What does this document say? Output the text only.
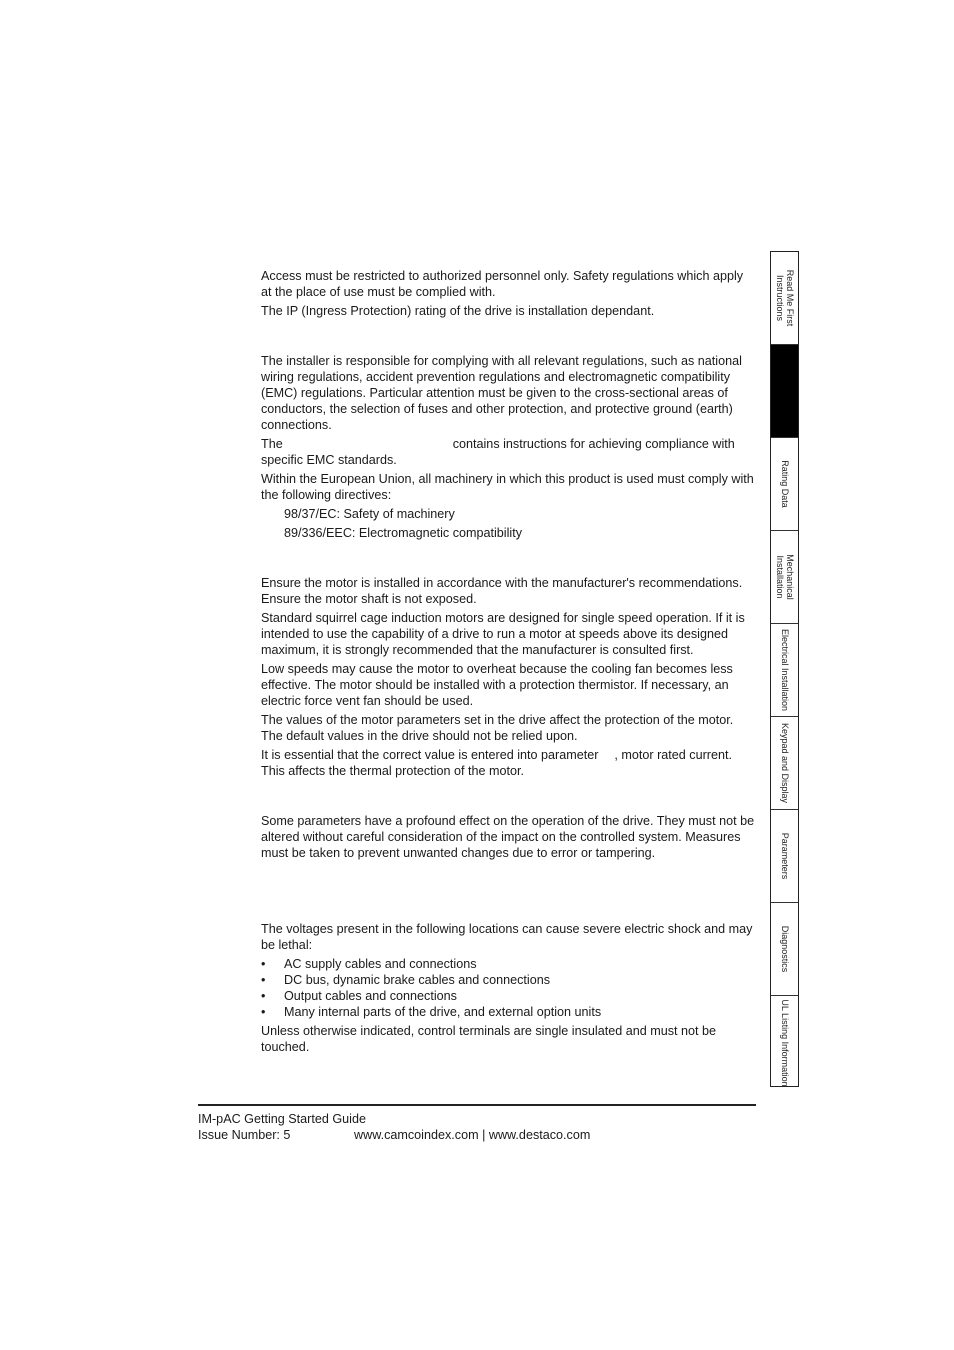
Access must be restricted to authorized personnel only. Safety regulations which apply at the place of use must be complied with.

The IP (Ingress Protection) rating of the drive is installation dependant.

The installer is responsible for complying with all relevant regulations, such as national wiring regulations, accident prevention regulations and electromagnetic compatibility (EMC) regulations. Particular attention must be given to the cross-sectional areas of conductors, the selection of fuses and other protection, and protective ground (earth) connections.

The	contains instructions for achieving compliance with specific EMC standards.

Within the European Union, all machinery in which this product is used must comply with the following directives:

98/37/EC: Safety of machinery

89/336/EEC: Electromagnetic compatibility

Ensure the motor is installed in accordance with the manufacturer's recommendations. Ensure the motor shaft is not exposed.

Standard squirrel cage induction motors are designed for single speed operation. If it is intended to use the capability of a drive to run a motor at speeds above its designed maximum, it is strongly recommended that the manufacturer is consulted first.

Low speeds may cause the motor to overheat because the cooling fan becomes less effective. The motor should be installed with a protection thermistor. If necessary, an electric force vent fan should be used.

The values of the motor parameters set in the drive affect the protection of the motor. The default values in the drive should not be relied upon.

It is essential that the correct value is entered into parameter , motor rated current. This affects the thermal protection of the motor.

Some parameters have a profound effect on the operation of the drive. They must not be altered without careful consideration of the impact on the controlled system. Measures must be taken to prevent unwanted changes due to error or tampering.

The voltages present in the following locations can cause severe electric shock and may be lethal:

• AC supply cables and connections
• DC bus, dynamic brake cables and connections
• Output cables and connections
• Many internal parts of the drive, and external option units

Unless otherwise indicated, control terminals are single insulated and must not be touched.

Read Me First Instructions
Rating Data
Mechanical Installation
Electrical Installation
Keypad and Display
Parameters
Diagnostics
UL Listing Information
IM-pAC Getting Started Guide
Issue Number: 5	www.camcoindex.com | www.destaco.com
